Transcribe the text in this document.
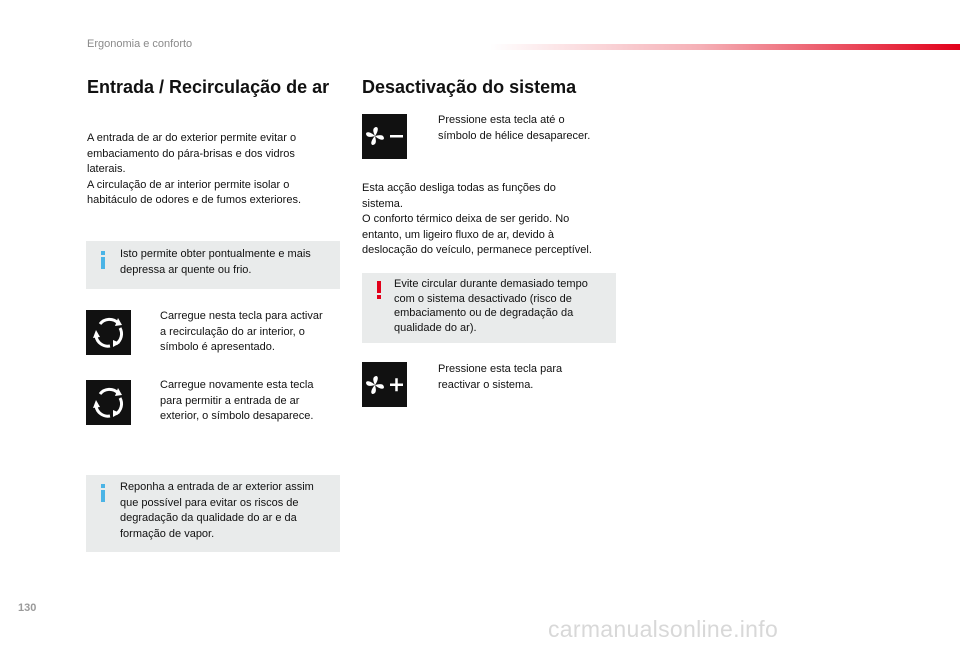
Ergonomia e conforto
Entrada / Recirculação de ar

A entrada de ar do exterior permite evitar o
embaciamento do pára-brisas e dos vidros
laterais.
A circulação de ar interior permite isolar o
habitáculo de odores e de fumos exteriores.

Isto permite obter pontualmente e mais
depressa ar quente ou frio.
Carregue nesta tecla para activar
a recirculação do ar interior, o
símbolo é apresentado.
Carregue novamente esta tecla
para permitir a entrada de ar
exterior, o símbolo desaparece.
Reponha a entrada de ar exterior assim
que possível para evitar os riscos de
degradação da qualidade do ar e da
formação de vapor.
Desactivação do sistema
Pressione esta tecla até o
símbolo de hélice desaparecer.

Esta acção desliga todas as funções do
sistema.
O conforto térmico deixa de ser gerido. No
entanto, um ligeiro fluxo de ar, devido à
deslocação do veículo, permanece perceptível.

Evite circular durante demasiado tempo
com o sistema desactivado (risco de
embaciamento ou de degradação da
qualidade do ar).
Pressione esta tecla para
reactivar o sistema.
130
carmanualsonline.info
